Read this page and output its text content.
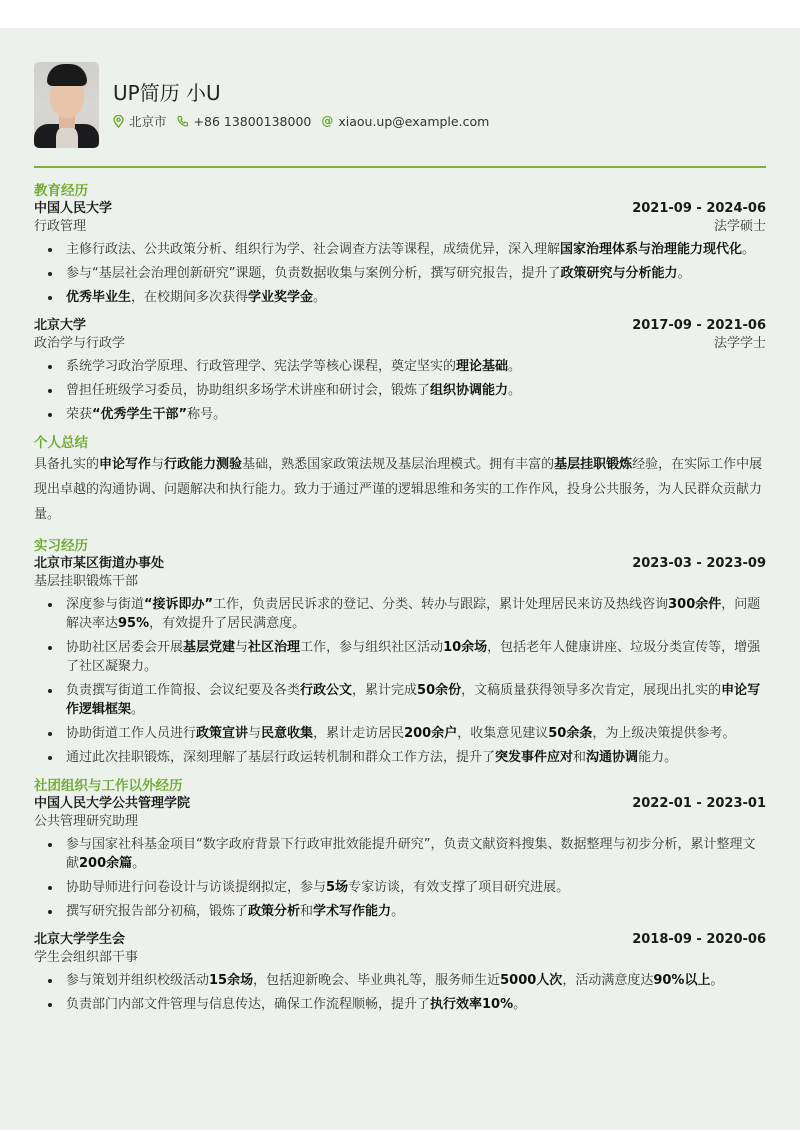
UP简历 小U
北京市 +86 13800138000 @ xiaou.up@example.com
教育经历
中国人民大学	2021-09 - 2024-06
行政管理	法学硕士
• 主修行政法、公共政策分析、组织行为学、社会调查方法等课程，成绩优异，深入理解国家治理体系与治理能力现代化。
• 参与“基层社会治理创新研究”课题，负责数据收集与案例分析，撰写研究报告，提升了政策研究与分析能力。
• 优秀毕业生，在校期间多次获得学业奖学金。
北京大学	2017-09 - 2021-06
政治学与行政学	法学学士
• 系统学习政治学原理、行政管理学、宪法学等核心课程，奠定坚实的理论基础。
• 曾担任班级学习委员，协助组织多场学术讲座和研讨会，锻炼了组织协调能力。
• 荣获“优秀学生干部”称号。
个人总结
具备扎实的申论写作与行政能力测验基础，熟悉国家政策法规及基层治理模式。拥有丰富的基层挂职锻炼经验，在实际工作中展现出卓越的沟通协调、问题解决和执行能力。致力于通过严谨的逻辑思维和务实的工作作风，投身公共服务，为人民群众贡献力量。
实习经历
北京市某区街道办事处	2023-03 - 2023-09
基层挂职锻炼干部
• 深度参与街道“接诉即办”工作，负责居民诉求的登记、分类、转办与跟踪，累计处理居民来访及热线咨询300余件，问题解决率达95%，有效提升了居民满意度。
• 协助社区居委会开展基层党建与社区治理工作，参与组织社区活动10余场，包括老年人健康讲座、垃圾分类宣传等，增强了社区凝聚力。
• 负责撰写街道工作简报、会议纪要及各类行政公文，累计完成50余份，文稿质量获得领导多次肯定，展现出扎实的申论写作逻辑框架。
• 协助街道工作人员进行政策宣讲与民意收集，累计走访居民200余户，收集意见建议50余条，为上级决策提供参考。
• 通过此次挂职锻炼，深刻理解了基层行政运转机制和群众工作方法，提升了突发事件应对和沟通协调能力。
社团组织与工作以外经历
中国人民大学公共管理学院	2022-01 - 2023-01
公共管理研究助理
• 参与国家社科基金项目“数字政府背景下行政审批效能提升研究”，负责文献资料搜集、数据整理与初步分析，累计整理文献200余篇。
• 协助导师进行问卷设计与访谈提纲拟定，参与5场专家访谈，有效支撑了项目研究进展。
• 撰写研究报告部分初稿，锻炼了政策分析和学术写作能力。
北京大学学生会	2018-09 - 2020-06
学生会组织部干事
• 参与策划并组织校级活动15余场，包括迎新晚会、毕业典礼等，服务师生近5000人次，活动满意度达90%以上。
• 负责部门内部文件管理与信息传达，确保工作流程顺畅，提升了执行效率10%。
